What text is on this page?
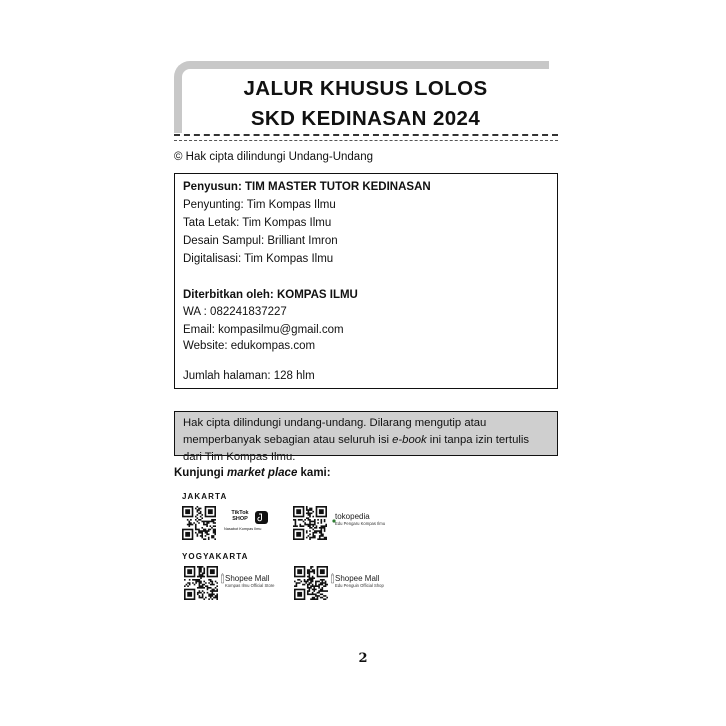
JALUR KHUSUS LOLOS
SKD KEDINASAN 2024
© Hak cipta dilindungi Undang-Undang
Penyusun: TIM MASTER TUTOR KEDINASAN
Penyunting: Tim Kompas Ilmu
Tata Letak: Tim Kompas Ilmu
Desain Sampul: Brilliant Imron
Digitalisasi: Tim Kompas Ilmu
Diterbitkan oleh: KOMPAS ILMU
WA : 082241837227
Email: kompasilmu@gmail.com
Website: edukompas.com
Jumlah halaman: 128 hlm
Hak cipta dilindungi undang-undang. Dilarang mengutip atau memperbanyak sebagian atau seluruh isi e-book ini tanpa izin tertulis dari Tim Kompas Ilmu.
Kunjungi market place kami:
JAKARTA
TikTok SHOP
Nasabot Kompas Ilmu
tokopedia
Edu Pengaru Kompas Ilmu
YOGYAKARTA
Shopee Mall
Kompas Ilmu Official Store
Shopee Mall
Edu Penguin Official Shop
2
